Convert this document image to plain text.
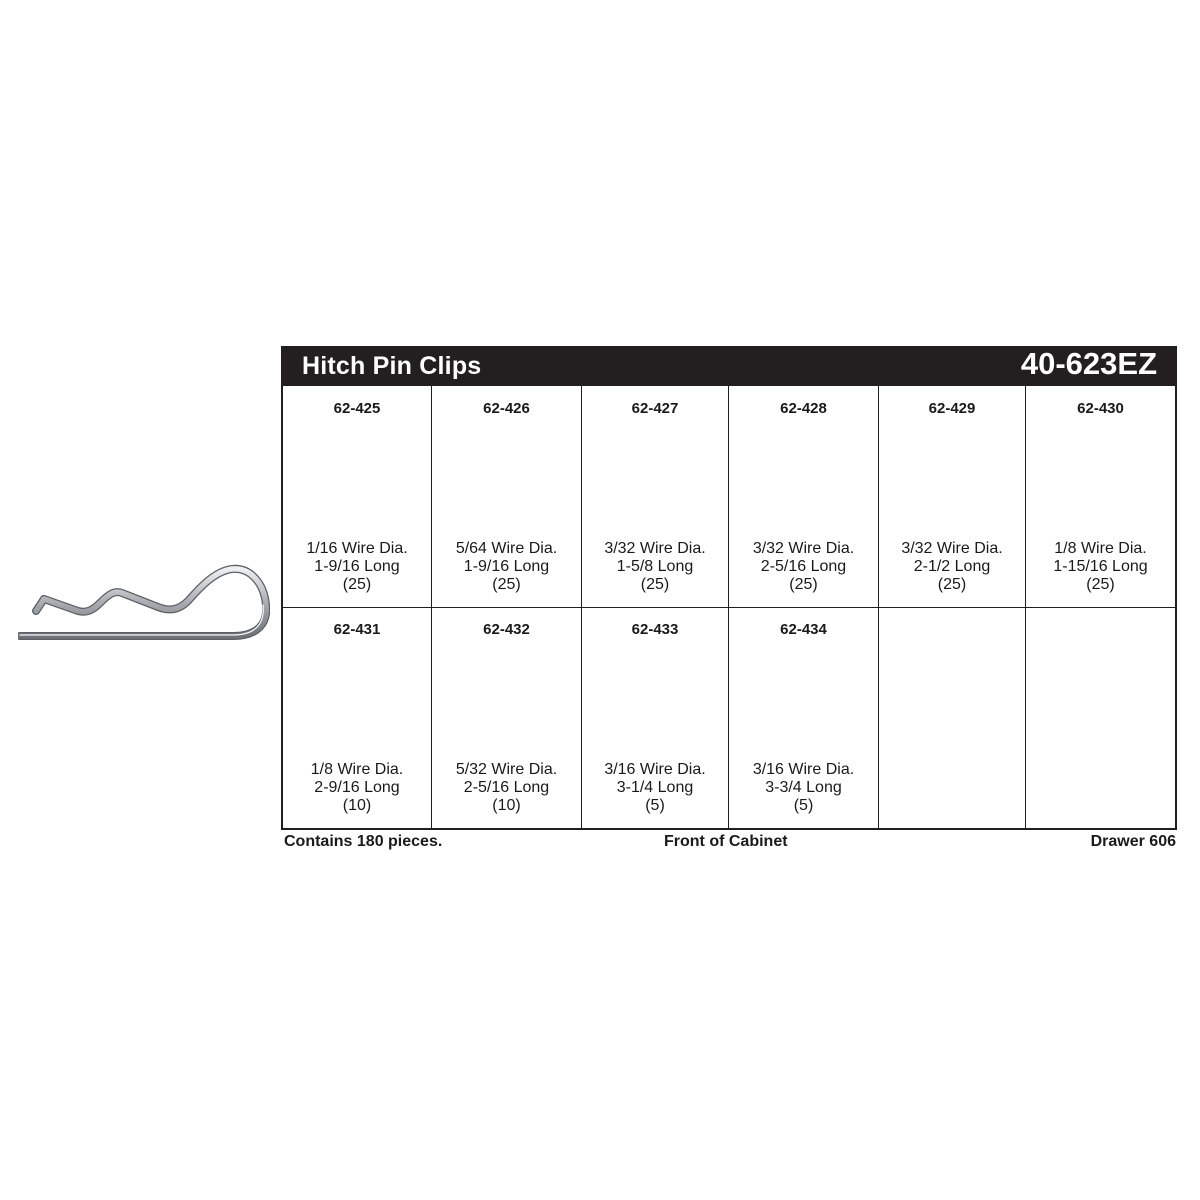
Hitch Pin Clips	40-623EZ
62-425
1/16 Wire Dia.
1-9/16 Long
(25)
62-426
5/64 Wire Dia.
1-9/16 Long
(25)
62-427
3/32 Wire Dia.
1-5/8 Long
(25)
62-428
3/32 Wire Dia.
2-5/16 Long
(25)
62-429
3/32 Wire Dia.
2-1/2 Long
(25)
62-430
1/8 Wire Dia.
1-15/16 Long
(25)
62-431
1/8 Wire Dia.
2-9/16 Long
(10)
62-432
5/32 Wire Dia.
2-5/16 Long
(10)
62-433
3/16 Wire Dia.
3-1/4 Long
(5)
62-434
3/16 Wire Dia.
3-3/4 Long
(5)
Contains 180 pieces.	Front of Cabinet	Drawer 606
